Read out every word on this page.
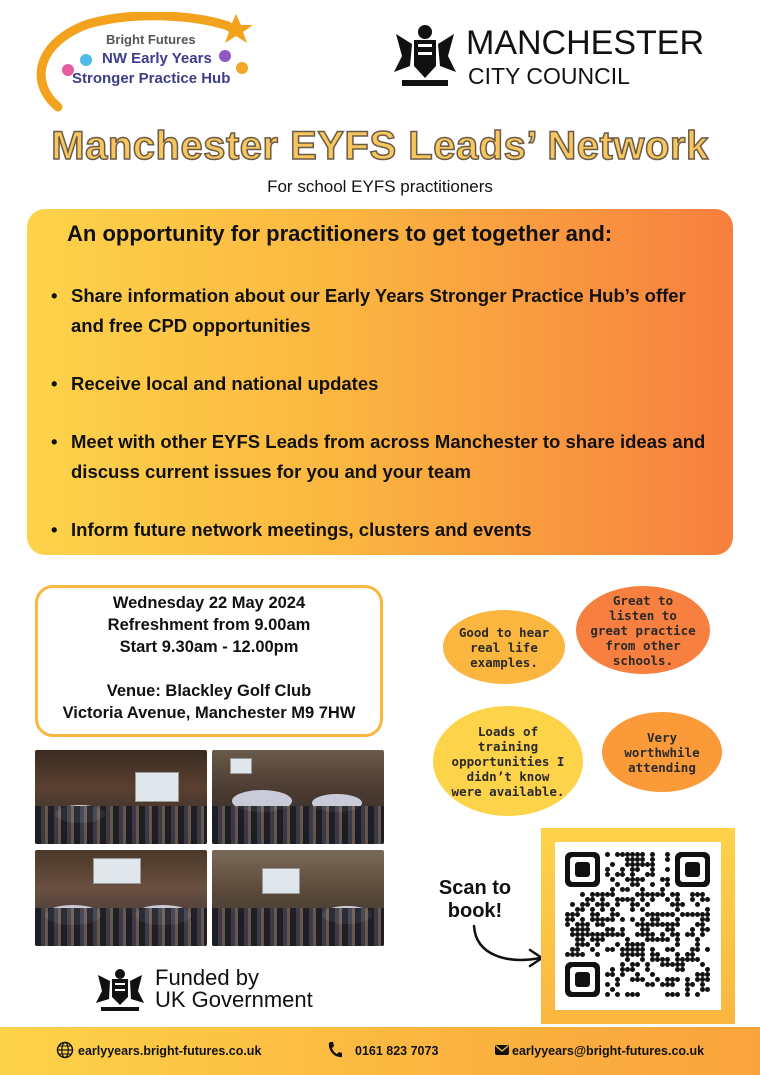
Bright Futures
NW Early Years
Stronger Practice Hub
MANCHESTER
CITY COUNCIL
Manchester EYFS Leads’ Network
For school EYFS practitioners
An opportunity for practitioners to get together and:
• Share information about our Early Years Stronger Practice Hub’s offer and free CPD opportunities
• Receive local and national updates
• Meet with other EYFS Leads from across Manchester to share ideas and discuss current issues for you and your team
• Inform future network meetings, clusters and events
Wednesday 22 May 2024
Refreshment from 9.00am
Start 9.30am - 12.00pm
Venue: Blackley Golf Club
Victoria Avenue, Manchester M9 7HW
Good to hear real life examples.
Great to listen to great practice from other schools.
Loads of training opportunities I didn’t know were available.
Very worthwhile attending
Scan to
book!
Funded by
UK Government
earlyyears.bright-futures.co.uk	0161 823 7073	earlyyears@bright-futures.co.uk
